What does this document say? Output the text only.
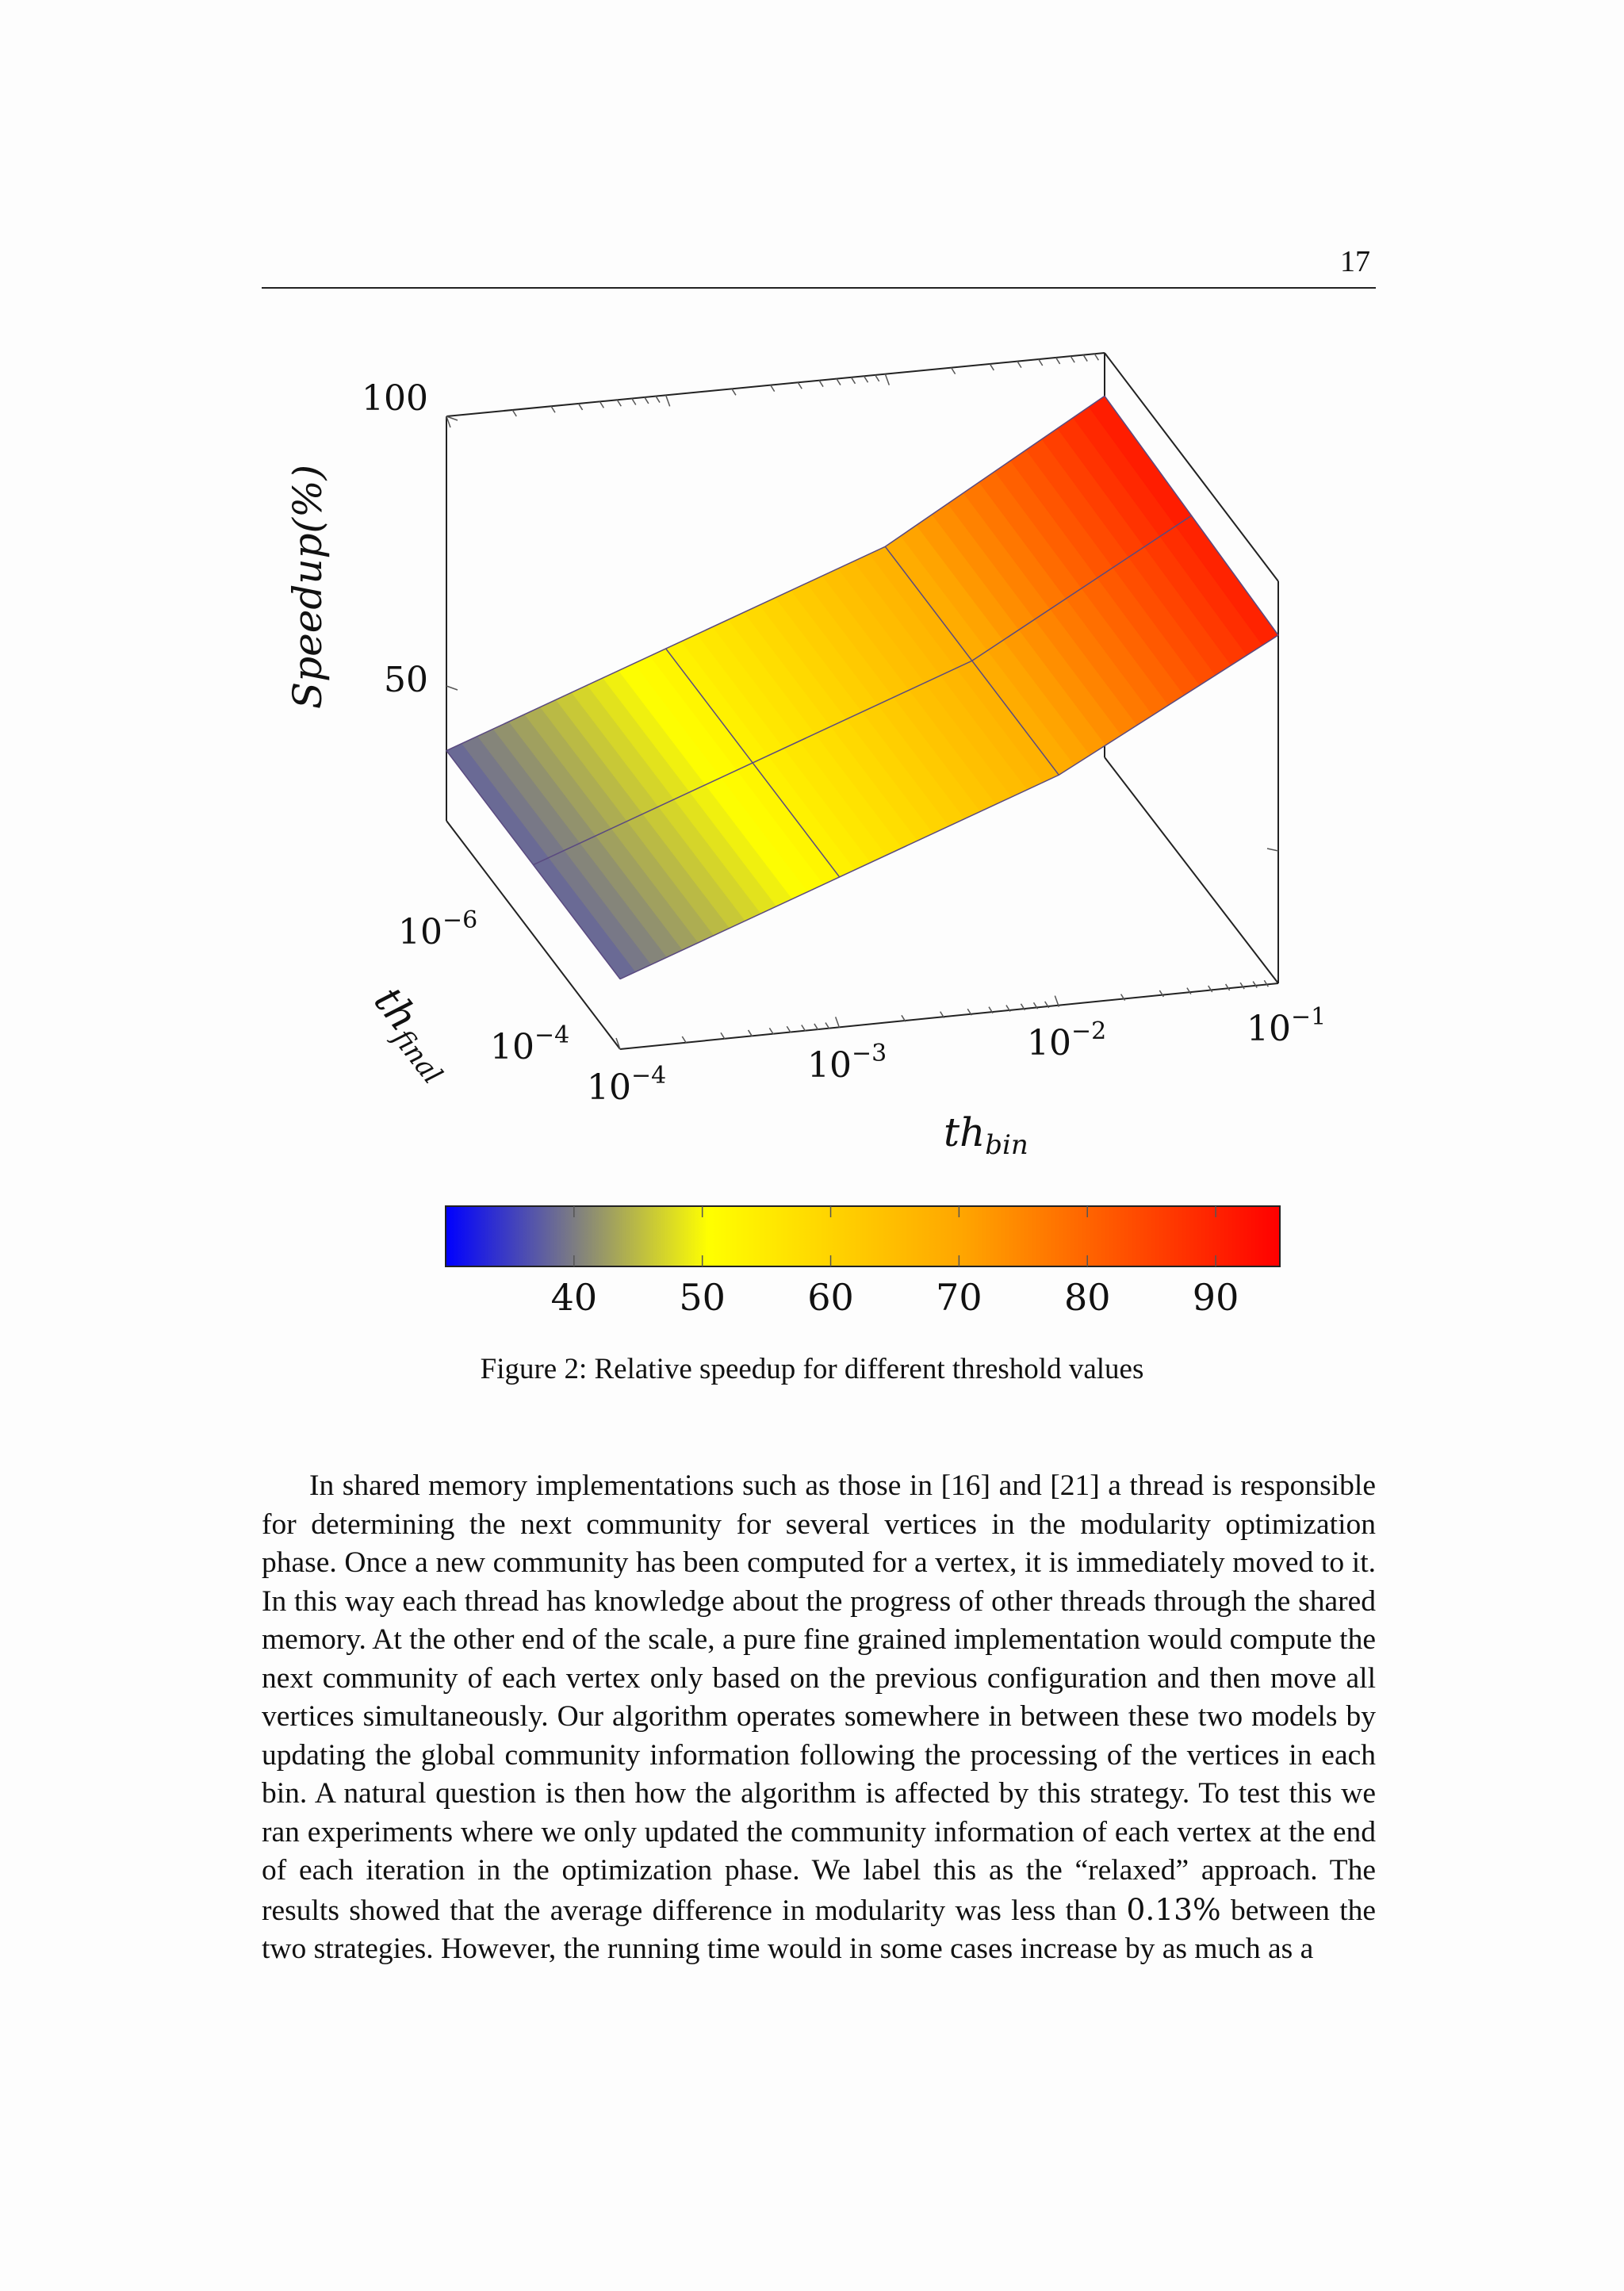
17
100
50
Speedup(%)
$10^{-4}$	$10^{-3}$	$10^{-2}$	$10^{-1}$
$th_{bin}$
$10^{-6}$
$10^{-4}$
$th_{final}$
40 50 60 70 80 90
Figure 2: Relative speedup for different threshold values

In shared memory implementations such as those in [16] and [21] a thread is responsible for determining the next community for several vertices in the modularity optimization phase. Once a new community has been computed for a vertex, it is immediately moved to it. In this way each thread has knowledge about the progress of other threads through the shared memory. At the other end of the scale, a pure fine grained implementation would compute the next community of each vertex only based on the previous configuration and then move all vertices simultaneously. Our algorithm operates somewhere in between these two models by updating the global community information following the processing of the vertices in each bin. A natural question is then how the algorithm is affected by this strategy. To test this we ran experiments where we only updated the community information of each vertex at the end of each iteration in the optimization phase. We label this as the “relaxed” approach. The results showed that the average difference in modularity was less than 0.13% between the two strategies. However, the running time would in some cases increase by as much as a
